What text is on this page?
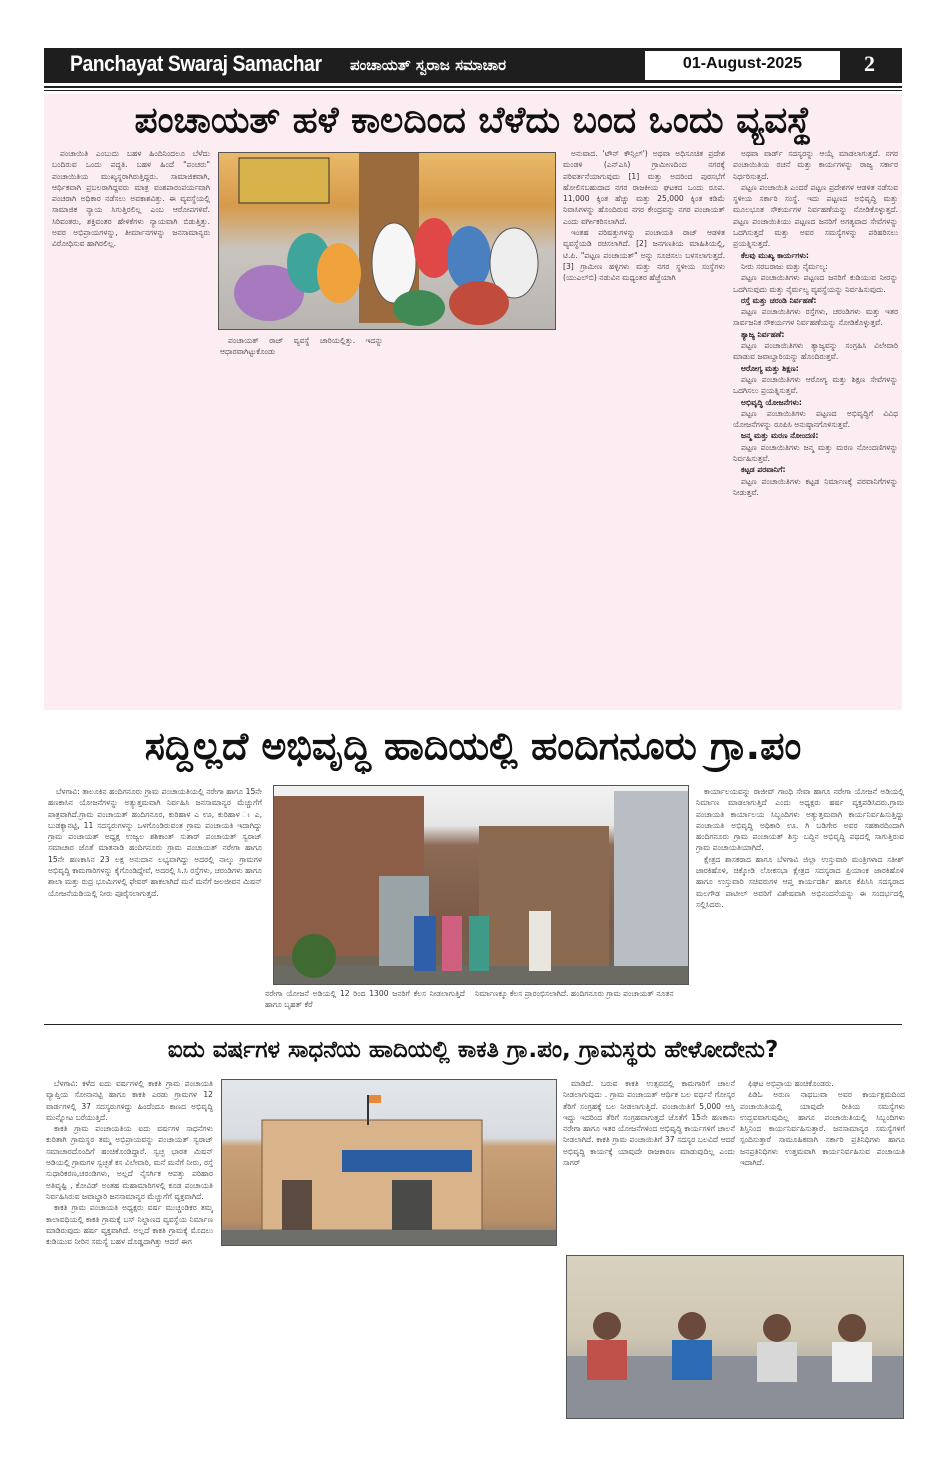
Panchayat Swaraj Samachar ಪಂಚಾಯತ್ ಸ್ವರಾಜ ಸಮಾಚಾರ	01-August-2025	2
ಪಂಚಾಯತ್ ಹಳೆ ಕಾಲದಿಂದ ಬೆಳೆದು ಬಂದ ಒಂದು ವ್ಯವಸ್ಥೆ

ಪಂಚಾಯಿತಿ ಎಂಬುದು ಬಹಳ ಹಿಂದಿನಿಂದಲೂ ಬೆಳೆದು ಬಂದಿರುವ ಒಂದು ಪದ್ಧತಿ. ಬಹಳ ಹಿಂದೆ "ಪಂಚರು" ಪಂಚಾಯಿತಿಯ ಮುಖ್ಯಸ್ಥರಾಗಿರುತ್ತಿದ್ದರು. ಸಾಮಾಜಿಕವಾಗಿ, ಆರ್ಥಿಕವಾಗಿ ಪ್ರಬಲರಾಗಿದ್ದವರು ಮಾತ್ರ ವಂಶಪಾರಂಪರ್ಯವಾಗಿ ಪಂಚರಾಗಿ ಅಧಿಕಾರ ನಡೆಸಲು ಅವಕಾಶವಿತ್ತು. ಈ ವ್ಯವಸ್ಥೆಯಲ್ಲಿ ಸಾಮಾಜಿಕ ನ್ಯಾಯ ಸಿಗುತ್ತಿರಲಿಲ್ಲ ಎಂಬ ಆರೋಪಗಳಿವೆ. ಸಿರಿವಂತರು, ಶಕ್ತಿವಂತರ ಹೇಳಿಕೆಗಳು ನ್ಯಾಯವಾಗಿ ಬಿಡುತ್ತಿತ್ತು. ಅವರ ಅಭಿಪ್ರಾಯಗಳನ್ನು, ತೀರ್ಮಾನಗಳನ್ನು ಜನಸಾಮಾನ್ಯರು ವಿರೋಧಿಸುವ ಹಾಗಿರಲಿಲ್ಲ.

ಪಂಚಾಯತ್ ರಾಜ್ ವ್ಯವಸ್ಥೆ ಜಾರಿಯಲ್ಲಿತ್ತು. ಇದನ್ನು ಆಧಾರವಾಗಿಟ್ಟುಕೊಂಡು

ಅನುವಾದ. 'ಟೌನ್ ಕೌನ್ಸಿಲ್') ಅಥವಾ ಅಧಿಸೂಚಿತ ಪ್ರದೇಶ ಮಂಡಳಿ (ಎನ್‌ಎಸಿ) ಗ್ರಾಮೀಣದಿಂದ ನಗರಕ್ಕೆ ಪರಿವರ್ತನೆಯಾಗುವುದು [1] ಮತ್ತು ಅದರಿಂದ ಪುರಸಭೆಗೆ ಹೋಲಿಸಬಹುದಾದ ನಗರ ರಾಜಕೀಯ ಘಟಕದ ಒಂದು ರೂಪ. 11,000 ಕ್ಕಿಂತ ಹೆಚ್ಚು ಮತ್ತು 25,000 ಕ್ಕಿಂತ ಕಡಿಮೆ ನಿವಾಸಿಗಳನ್ನು ಹೊಂದಿರುವ ನಗರ ಕೇಂದ್ರವನ್ನು ನಗರ ಪಂಚಾಯತ್ ಎಂದು ವರ್ಗೀಕರಿಸಲಾಗಿದೆ.

ಇಂತಹ ಪರಿಷತ್ತುಗಳನ್ನು ಪಂಚಾಯತಿ ರಾಜ್ ಆಡಳಿತ ವ್ಯವಸ್ಥೆಯಡಿ ರಚಿಸಲಾಗಿದೆ. [2] ಜನಗಣತಿಯ ಮಾಹಿತಿಯಲ್ಲಿ, ಟಿ.ಪಿ. "ಪಟ್ಟಣ ಪಂಚಾಯತ್" ಅನ್ನು ಸೂಚಿಸಲು ಬಳಸಲಾಗುತ್ತದೆ. [3] ಗ್ರಾಮೀಣ ಹಳ್ಳಿಗಳು ಮತ್ತು ನಗರ ಸ್ಥಳೀಯ ಸಂಸ್ಥೆಗಳು (ಯುಎಲ್‌ಬಿ) ನಡುವಿನ ಮಧ್ಯಂತರ ಹೆಜ್ಜೆಯಾಗಿ

ಅಥವಾ ವಾರ್ಡ್ ಸದಸ್ಯರನ್ನು ಆಯ್ಕೆ ಮಾಡಲಾಗುತ್ತದೆ. ನಗರ ಪಂಚಾಯಿತಿಯ ರಚನೆ ಮತ್ತು ಕಾರ್ಯಗಳನ್ನು ರಾಜ್ಯ ಸರ್ಕಾರ ನಿರ್ಧರಿಸುತ್ತದೆ.

ಪಟ್ಟಣ ಪಂಚಾಯಿತಿ ಎಂದರೆ ಪಟ್ಟಣ ಪ್ರದೇಶಗಳ ಆಡಳಿತ ನಡೆಸುವ ಸ್ಥಳೀಯ ಸರ್ಕಾರಿ ಸಂಸ್ಥೆ. ಇದು ಪಟ್ಟಣದ ಅಭಿವೃದ್ಧಿ ಮತ್ತು ಮೂಲಭೂತ ಸೌಕರ್ಯಗಳ ನಿರ್ವಹಣೆಯನ್ನು ನೋಡಿಕೊಳ್ಳುತ್ತದೆ. ಪಟ್ಟಣ ಪಂಚಾಯಿತಿಯು ಪಟ್ಟಣದ ಜನರಿಗೆ ಅಗತ್ಯವಾದ ಸೇವೆಗಳನ್ನು ಒದಗಿಸುತ್ತದೆ ಮತ್ತು ಅವರ ಸಮಸ್ಯೆಗಳನ್ನು ಪರಿಹರಿಸಲು ಪ್ರಯತ್ನಿಸುತ್ತದೆ.

ಕೆಲವು ಮುಖ್ಯ ಕಾರ್ಯಗಳು:

ನೀರು ಸರಬರಾಜು ಮತ್ತು ನೈರ್ಮಲ್ಯ:

ಪಟ್ಟಣ ಪಂಚಾಯಿತಿಗಳು ಪಟ್ಟಣದ ಜನರಿಗೆ ಕುಡಿಯುವ ನೀರನ್ನು ಒದಗಿಸುವುದು ಮತ್ತು ನೈರ್ಮಲ್ಯ ವ್ಯವಸ್ಥೆಯನ್ನು ನಿರ್ವಹಿಸುವುದು.

ರಸ್ತೆ ಮತ್ತು ಚರಂಡಿ ನಿರ್ವಹಣೆ:

ಪಟ್ಟಣ ಪಂಚಾಯಿತಿಗಳು ರಸ್ತೆಗಳು, ಚರಂಡಿಗಳು ಮತ್ತು ಇತರ ಸಾರ್ವಜನಿಕ ಸೌಕರ್ಯಗಳ ನಿರ್ವಹಣೆಯನ್ನು ನೋಡಿಕೊಳ್ಳುತ್ತವೆ.

ತ್ಯಾಜ್ಯ ನಿರ್ವಹಣೆ:

ಪಟ್ಟಣ ಪಂಚಾಯಿತಿಗಳು ತ್ಯಾಜ್ಯವನ್ನು ಸಂಗ್ರಹಿಸಿ ವಿಲೇವಾರಿ ಮಾಡುವ ಜವಾಬ್ದಾರಿಯನ್ನು ಹೊಂದಿರುತ್ತವೆ.

ಆರೋಗ್ಯ ಮತ್ತು ಶಿಕ್ಷಣ:

ಪಟ್ಟಣ ಪಂಚಾಯಿತಿಗಳು ಆರೋಗ್ಯ ಮತ್ತು ಶಿಕ್ಷಣ ಸೇವೆಗಳನ್ನು ಒದಗಿಸಲು ಪ್ರಯತ್ನಿಸುತ್ತವೆ.

ಅಭಿವೃದ್ಧಿ ಯೋಜನೆಗಳು:

ಪಟ್ಟಣ ಪಂಚಾಯಿತಿಗಳು ಪಟ್ಟಣದ ಅಭಿವೃದ್ಧಿಗೆ ವಿವಿಧ ಯೋಜನೆಗಳನ್ನು ರೂಪಿಸಿ ಅನುಷ್ಠಾನಗೊಳಿಸುತ್ತವೆ.

ಜನ್ಮ ಮತ್ತು ಮರಣ ನೋಂದಣಿ:

ಪಟ್ಟಣ ಪಂಚಾಯಿತಿಗಳು ಜನ್ಮ ಮತ್ತು ಮರಣ ನೋಂದಣಿಗಳನ್ನು ನಿರ್ವಹಿಸುತ್ತವೆ.

ಕಟ್ಟಡ ಪರವಾನಿಗೆ:

ಪಟ್ಟಣ ಪಂಚಾಯಿತಿಗಳು ಕಟ್ಟಡ ನಿರ್ಮಾಣಕ್ಕೆ ಪರವಾನಿಗೆಗಳನ್ನು ನೀಡುತ್ತವೆ.

ಸದ್ದಿಲ್ಲದೆ ಅಭಿವೃದ್ಧಿ ಹಾದಿಯಲ್ಲಿ ಹಂದಿಗನೂರು ಗ್ರಾ.ಪಂ

ಬೆಳಗಾವಿ: ತಾಲೂಕಿನ ಹಂದಿಗನೂರು ಗ್ರಾಮ ಪಂಚಾಯತಿಯಲ್ಲಿ ನರೇಗಾ ಹಾಗೂ 15ನೇ ಹಣಕಾಸಿನ ಯೋಜನೆಗಳನ್ನು ಅತ್ಯುತ್ತಮವಾಗಿ ನಿರ್ವಹಿಸಿ ಜನಸಾಮಾನ್ಯರ ಮೆಚ್ಚುಗೆಗೆ ಪಾತ್ರವಾಗಿದೆ.ಗ್ರಾಮ ಪಂಚಾಯತ್ ಹಂದಿಗನೂರ, ಕುರಿಹಾಳ ಎ ಊ, ಕುರಿಹಾಳ ಃ ಎ, ಬುಡಕ್ಯಾನಟ್ಟಿ, 11 ಸದಸ್ಯರುಗಳನ್ನು ಒಳಗೊಂಡಿರುವಂತ ಗ್ರಾಮ ಪಂಚಾಯತಿ ಇದಾಗಿದ್ದು ಗ್ರಾಮ ಪಂಚಾಯತ್ ಅಧ್ಯಕ್ಷ ಉಜ್ವಲ ಶಶಿಕಾಂತ್ ಸುತಾರ್ ಪಂಚಾಯತ್ ಸ್ವರಾಜ್ ಸಮಾಚಾರ ಜೊತೆ ಮಾತನಾಡಿ ಹಂದಿಗನೂರು ಗ್ರಾಮ ಪಂಚಾಯತ್ ನರೇಗಾ ಹಾಗೂ 15ನೇ ಹಣಕಾಸಿನ 23 ಲಕ್ಷ ಅನುದಾನ ಲಭ್ಯವಾಗಿದ್ದು ಅದರಲ್ಲಿ ನಾಲ್ಕು ಗ್ರಾಮಗಳ ಅಭಿವೃದ್ಧಿ ಕಾಮಗಾರಿಗಳನ್ನು ಕೈಗೊಂಡಿದ್ದೇವೆ, ಅದರಲ್ಲಿ ಸಿ.ಸಿ ರಸ್ತೆಗಳು, ಚರಂಡಿಗಳು ಹಾಗೂ ಶಾಲಾ ಮತ್ತು ರುದ್ರ ಭೂಮಿಗಳಲ್ಲಿ ಫೇವರ್ ಹಾಕಲಾಗಿದೆ ಮನೆ ಮನೆಗೆ ಜಲಜೀವನ ಮಿಷನ್ ಯೋಜನೆಯಡಿಯಲ್ಲಿ ನೀರು ಪೂರೈಸಲಾಗುತ್ತದೆ.

ನರೇಗಾ ಯೋಜನೆ ಅಡಿಯಲ್ಲಿ 12 ರಿಂದ 1300 ಜನರಿಗೆ ಕೆಲಸ ನೀಡಲಾಗುತ್ತಿದೆ ಹಾಗೂ ಬೃಹತ್ ಕೆರೆ
ನಿರ್ಮಾಣಕ್ಕೂ ಕೆಲಸ ಪ್ರಾರಂಭಿಸಲಾಗಿದೆ. ಹಂದಿಗನೂರು ಗ್ರಾಮ ಪಂಚಾಯತ್ ನೂತನ

ಕಾರ್ಯಾಲಯವನ್ನು ರಾಜೀವ್ ಗಾಂಧಿ ಸೇವಾ ಹಾಗೂ ನರೇಗಾ ಯೋಜನೆ ಅಡಿಯಲ್ಲಿ ನಿರ್ಮಾಣ ಮಾಡಲಾಗುತ್ತಿದೆ ಎಂದು ಅಧ್ಯಕ್ಷರು ಹರ್ಷ ವ್ಯಕ್ತಪಡಿಸಿದರು.ಗ್ರಾಮ ಪಂಚಾಯತಿ ಕಾರ್ಯಾಲಯ ಸಿಬ್ಬಂದಿಗಳು ಅತ್ಯುತ್ತಮವಾಗಿ ಕಾರ್ಯನಿರ್ವಹಿಸುತ್ತಿದ್ದು ಪಂಚಾಯತಿ ಅಭಿವೃದ್ಧಿ ಅಧಿಕಾರಿ ಊ. ಗಿ ಬಡಿಗೇರ ಅವರ ಸಹಕಾರದಿಂದಾಗಿ ಹಂದಿಗನೂರು ಗ್ರಾಮ ಪಂಚಾಯತ್ ಶಿಸ್ತು ಬದ್ಧಿನ ಅಭಿವೃದ್ಧಿ ಪಥದಲ್ಲಿ ಸಾಗುತ್ತಿರುವ ಗ್ರಾಮ ಪಂಚಾಯತಿಯಾಗಿದೆ.

ಕ್ಷೇತ್ರದ ಶಾಸಕರಾದ ಹಾಗೂ ಬೆಳಗಾವಿ ಜಿಲ್ಲಾ ಉಸ್ತುವಾರಿ ಮಂತ್ರಿಗಳಾದ ಸತೀಶ್ ಜಾರಕಿಹೊಳಿ, ಚಿಕ್ಕೋಡಿ ಲೋಕಸಭಾ ಕ್ಷೇತ್ರದ ಸದಸ್ಯರಾದ ಪ್ರಿಯಾಂಕ ಜಾರಕಿಹೊಳಿ ಹಾಗೂ ಉಸ್ತುವಾರಿ ಸಚಿವರುಗಳ ಆಪ್ತ ಕಾರ್ಯದರ್ಶಿ ಹಾಗೂ ಕೆಪಿಸಿಸಿ ಸದಸ್ಯರಾದ ಮಲಗೌಡ ಪಾಟೀಲ್ ಅವರಿಗೆ ವಿಶೇಷವಾಗಿ ಅಭಿನಂದನೆಯನ್ನು ಈ ಸಂದರ್ಭದಲ್ಲಿ ಸಲ್ಲಿಸಿದರು.

ಐದು ವರ್ಷಗಳ ಸಾಧನೆಯ ಹಾದಿಯಲ್ಲಿ ಕಾಕತಿ ಗ್ರಾ.ಪಂ, ಗ್ರಾಮಸ್ಥರು ಹೇಳೋದೇನು?

ಬೆಳಗಾವಿ: ಕಳೆದ ಐದು ವರ್ಷಗಳಲ್ಲಿ ಕಾಕತಿ ಗ್ರಾಮ ಪಂಚಾಯತಿ ವ್ಯಾಪ್ತಿಯ ಸೋನಾನಟ್ಟಿ ಹಾಗೂ ಕಾಕತಿ ಎರಡು ಗ್ರಾಮಗಳ 12 ವಾರ್ಡಗಳಲ್ಲಿ 37 ಸದಸ್ಯರುಗಳಿದ್ದು ಹಿಂದೆಂದೂ ಕಾಣದ ಅಭಿವೃದ್ಧಿ ಮುನ್ನೋಟ ಬರೆಯುತ್ತಿದೆ.

ಕಾಕತಿ ಗ್ರಾಮ ಪಂಚಾಯತಿಯ ಐದು ವರ್ಷಗಳ ಸಾಧನೆಗಳು ಕುರಿತಾಗಿ ಗ್ರಾಮಸ್ಥರ ತಮ್ಮ ಅಭಿಪ್ರಾಯವನ್ನು ಪಂಚಾಯತ್ ಸ್ವರಾಜ್ ಸಮಾಚಾರದೊಂದಿಗೆ ಹಂಚಿಕೊಂಡಿದ್ದಾರೆ. ಸ್ವಚ್ಛ ಭಾರತ ಮಿಷನ್ ಅಡಿಯಲ್ಲಿ ಗ್ರಾಮಗಳ ಸ್ವಚ್ಛತೆ ಕಸ ವಿಲೇವಾರಿ, ಮನೆ ಮನೆಗೆ ನೀರು, ರಸ್ತೆ ಸುಧಾರಿಕರಣ,ಚರಂಡಿಗಳು, ಅಲ್ಲದೆ ನೈಸರ್ಗಿಕ ಆಪತ್ತು ಪರಿಹಾರ ಅತಿವೃಷ್ಟಿ , ಕೋವಿಡ್ ಅಂತಹ ಮಹಾಮಾರಿಗಳಲ್ಲಿ ಕೂಡ ಪಂಚಾಯತಿ ನಿರ್ವಹಿಸಿರುವ ಜವಾಬ್ದಾರಿ ಜನಸಾಮಾನ್ಯರ ಮೆಚ್ಚುಗೆಗೆ ವ್ಯಕ್ತವಾಗಿದೆ.

ಕಾಕತಿ ಗ್ರಾಮ ಪಂಚಾಯತಿ ಅಧ್ಯಕ್ಷರು ವರ್ಷ ಮುಚ್ಚಂಡಿಕರ ತಮ್ಮ ಕಾಲಾವಧಿಯಲ್ಲಿ ಕಾಕತಿ ಗ್ರಾಮಕ್ಕೆ ಬಸ್ ನಿಲ್ದಾಣದ ವ್ಯವಸ್ಥೆಯ ನಿರ್ಮಾಣ ಮಾಡಿರುವುದು ಹರ್ಷ ವ್ಯಕ್ತವಾಗಿದೆ. ಅಲ್ಲದೆ ಕಾಕತಿ ಗ್ರಾಮಕ್ಕೆ ಮೊದಲು ಕುಡಿಯುವ ನೀರಿನ ಸಮಸ್ಯೆ ಬಹಳ ದೊಡ್ಡದಾಗಿತ್ತು ಆದರೆ ಈಗ

ಮಾಡಿದೆ. ಬರುವ ಕಾಕತಿ ಉತ್ಸವದಲ್ಲಿ ಕಾಮಗಾರಿಗೆ ಚಾಲನೆ ನೀಡಲಾಗುವುದು . ಗ್ರಾಮ ಪಂಚಾಯತ್ ಆರ್ಥಿಕ ಬಲ ವರ್ಧನೆ ಗೋಸ್ಕರ ತೆರಿಗೆ ಸಂಗ್ರಹಕ್ಕೆ ಬಲ ನೀಡಲಾಗುತ್ತಿದೆ. ಪಂಚಾಯಿತಿಗೆ 5,000 ಆಸ್ತಿ ಇದ್ದು ಇದರಿಂದ ತೆರಿಗೆ ಸಂಗ್ರಹವಾಗುತ್ತದೆ ಜೊತೆಗೆ 15ನೇ ಹಣಕಾಸು ನರೇಗಾ ಹಾಗೂ ಇತರ ಯೋಜನೆಗಳಿಂದ ಅಭಿವೃದ್ಧಿ ಕಾರ್ಯಗಳಿಗೆ ಚಾಲನೆ ನೀಡಲಾಗಿದೆ. ಕಾಕತಿ ಗ್ರಾಮ ಪಂಚಾಯಿತಿಗೆ 37 ಸದಸ್ಯರ ಬಲವಿದೆ ಆದರೆ ಅಭಿವೃದ್ಧಿ ಕಾರ್ಯಕ್ಕೆ ಯಾವುದೇ ರಾಜಕಾರಣ ಮಾಡುವುದಿಲ್ಲ ಎಂದು ಸಾಗರ್

ಫಿಘಟ ಅಭಿಪ್ರಾಯ ಹಂಚಿಕೊಂಡರು.

ಪಿಡಿಓ ಅರುಣ ನಾಥಬುವಾ ಅವರ ಕಾರ್ಯಕ್ಷಮದಿಂದ ಪಂಚಾಯಿತಿಯಲ್ಲಿ ಯಾವುದೇ ರೀತಿಯ ಸಮಸ್ಯೆಗಳು ಉದ್ಭವವಾಗುವುದಿಲ್ಲ ಹಾಗೂ ಪಂಚಾಯಿತಿಯಲ್ಲಿ ಸಿಬ್ಬಂದಿಗಳು ಶಿಸ್ತಿನಿಂದ ಕಾರ್ಯನಿರ್ವಹಿಸುತ್ತಾರೆ. ಜನಸಾಮಾನ್ಯರ ಸಮಸ್ಯೆಗಳಿಗೆ ಸ್ಪಂದಿಸುತ್ತಾರೆ ಸಾಮೂಹಿಕವಾಗಿ ಸರ್ಕಾರಿ ಪ್ರತಿನಿಧಿಗಳು ಹಾಗೂ ಜನಪ್ರತಿನಿಧಿಗಳು ಉತ್ತಮವಾಗಿ ಕಾರ್ಯನಿರ್ವಹಿಸುವ ಪಂಚಾಯತಿ ಇದಾಗಿದೆ.
